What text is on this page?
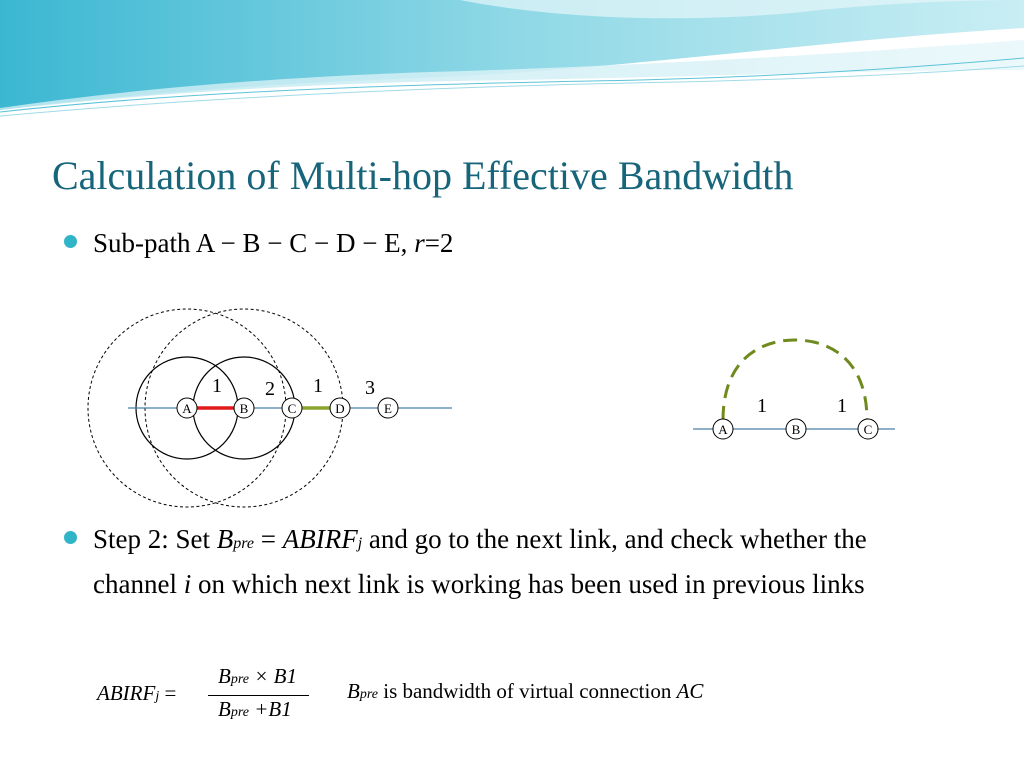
Calculation of Multi-hop Effective Bandwidth
Sub-path A − B − C − D − E, r=2
A	B	C	D	E
1 2 1 3
A	B	C
1	1
Step 2: Set Bpre = ABIRFj and go to the next link, and check whether the channel i on which next link is working has been used in previous links
ABIRFj =
Bpre × B1
Bpre +B1
Bpre is bandwidth of virtual connection AC
